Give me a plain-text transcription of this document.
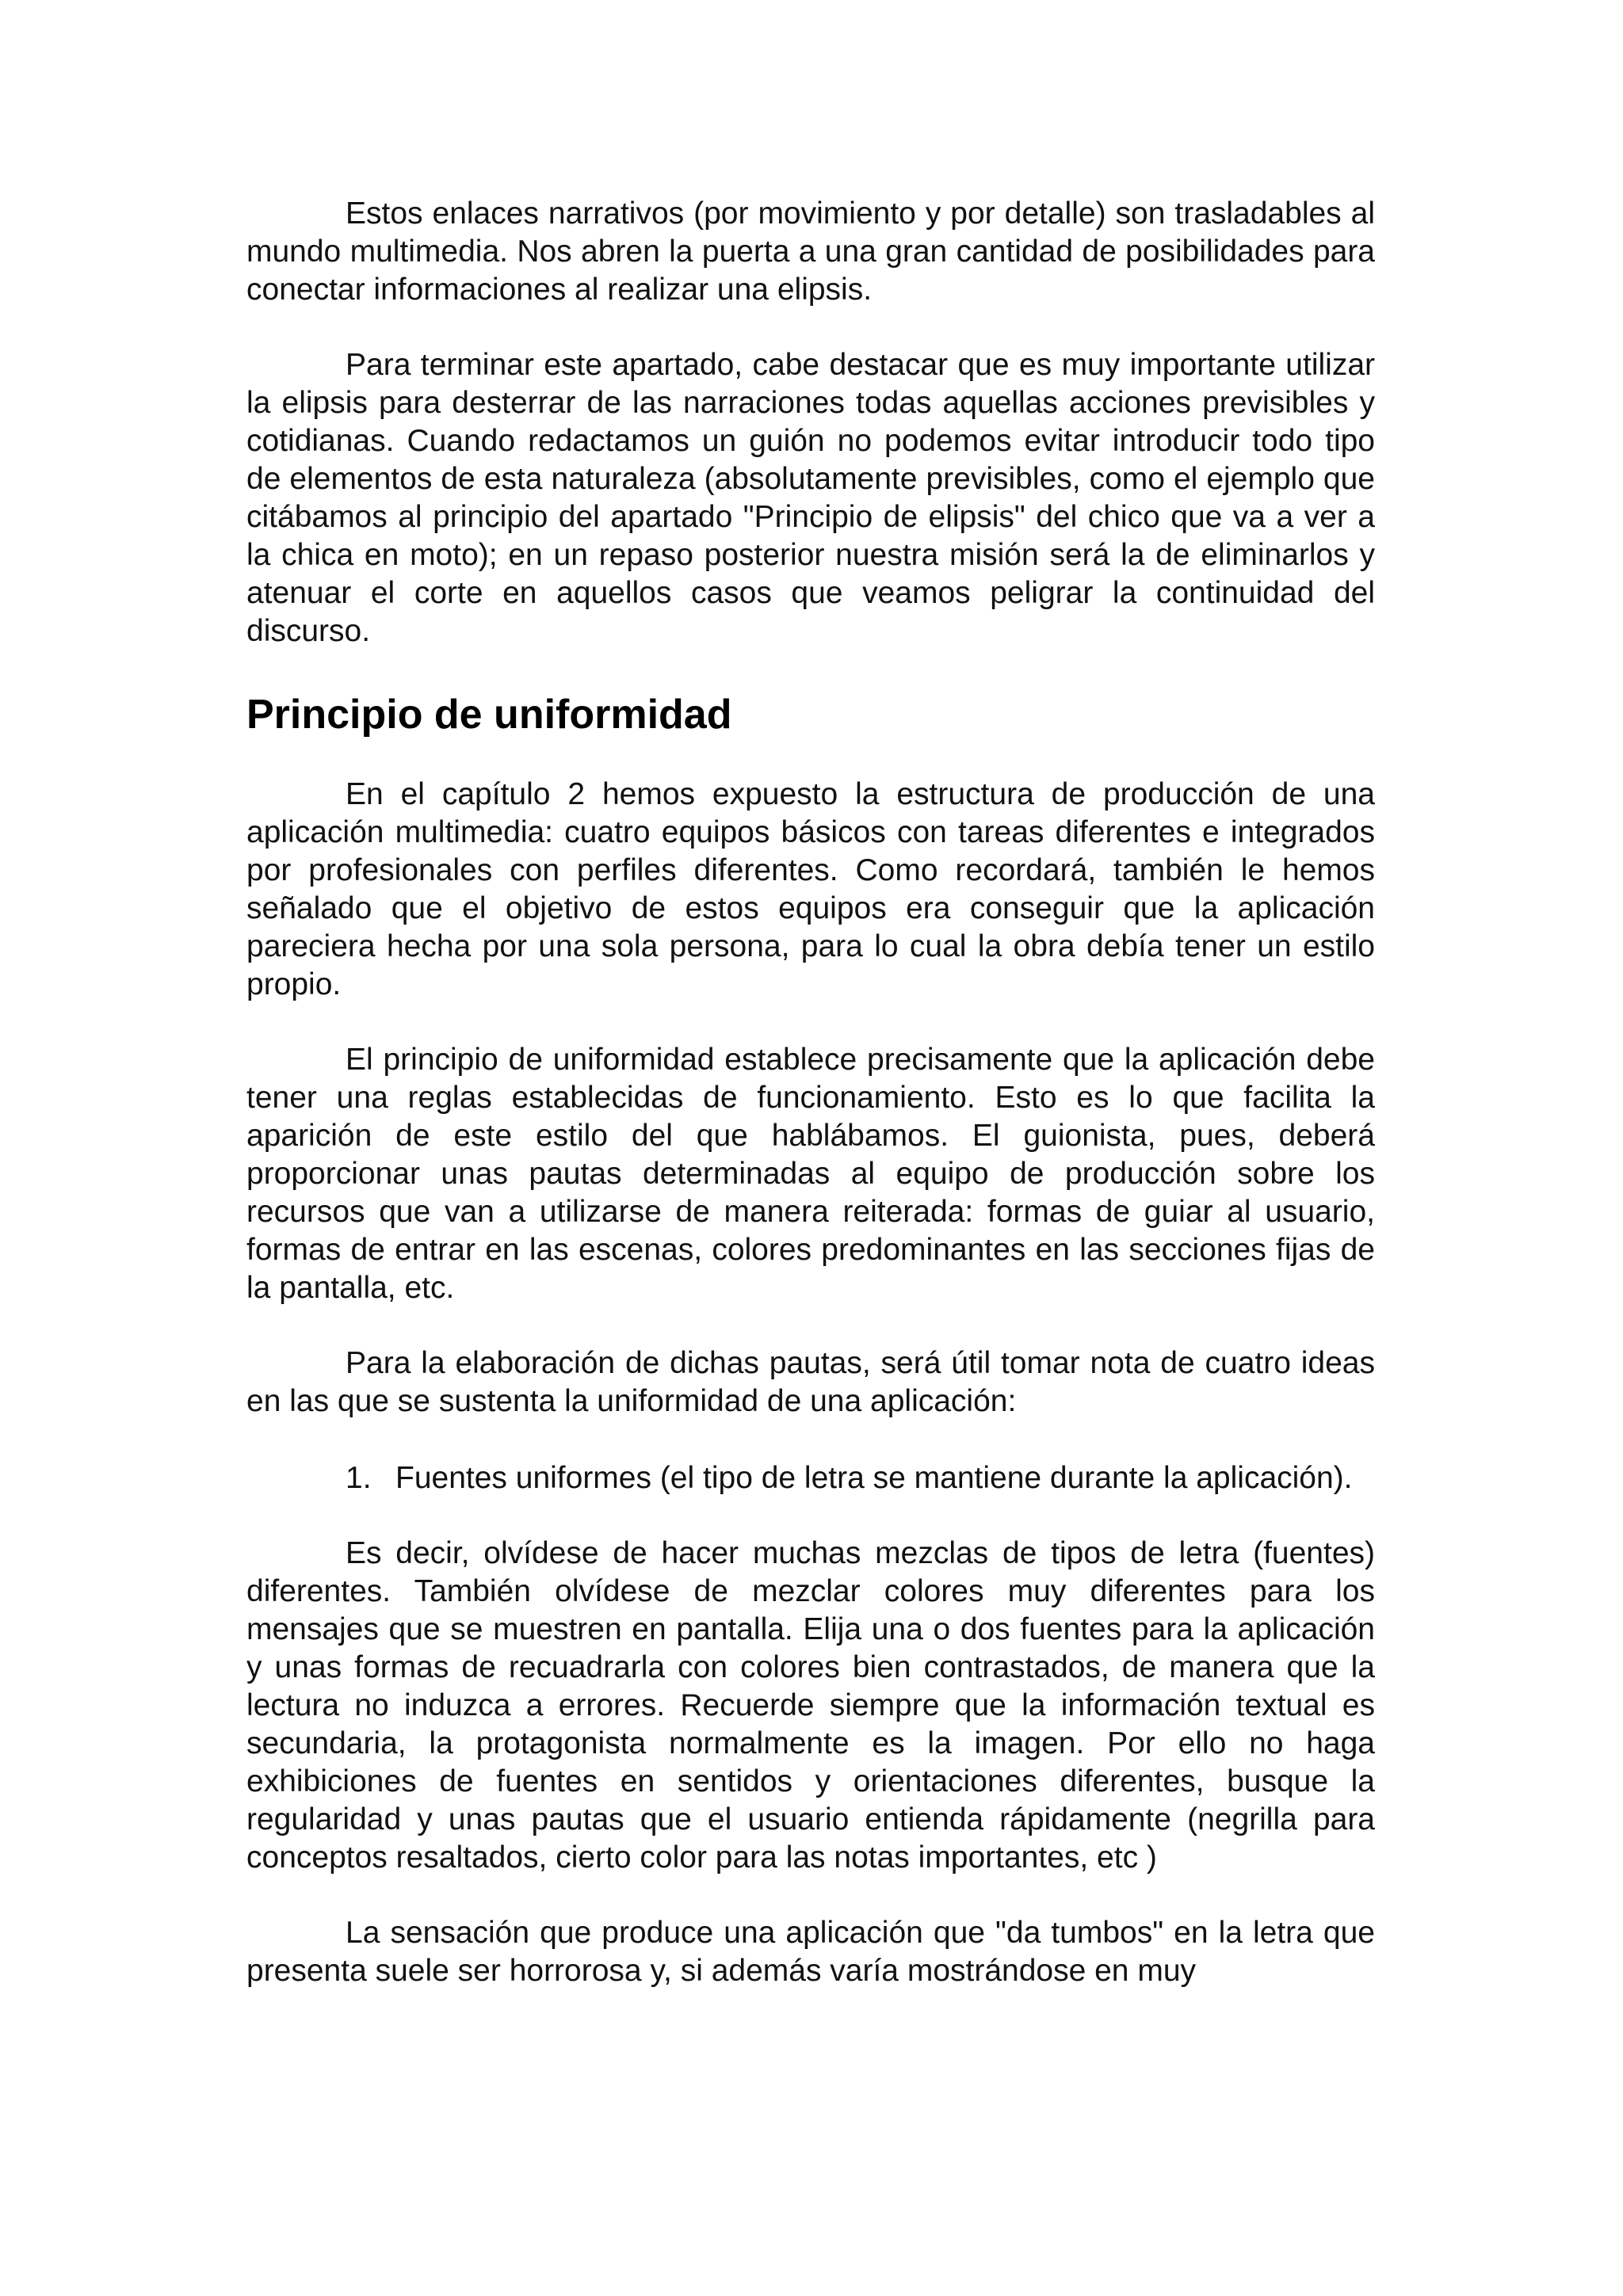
Estos enlaces narrativos (por movimiento y por detalle) son trasladables al mundo multimedia. Nos abren la puerta a una gran cantidad de posibilidades para conectar informaciones al realizar una elipsis.

Para terminar este apartado, cabe destacar que es muy importante utilizar la elipsis para desterrar de las narraciones todas aquellas acciones previsibles y cotidianas. Cuando redactamos un guión no podemos evitar introducir todo tipo de elementos de esta naturaleza (absolutamente previsibles, como el ejemplo que citábamos al principio del apartado "Principio de elipsis" del chico que va a ver a la chica en moto); en un repaso posterior nuestra misión será la de eliminarlos y atenuar el corte en aquellos casos que veamos peligrar la continuidad del discurso.

Principio de uniformidad

En el capítulo 2 hemos expuesto la estructura de producción de una aplicación multimedia: cuatro equipos básicos con tareas diferentes e integrados por profesionales con perfiles diferentes. Como recordará, también le hemos señalado que el objetivo de estos equipos era conseguir que la aplicación pareciera hecha por una sola persona, para lo cual la obra debía tener un estilo propio.

El principio de uniformidad establece precisamente que la aplicación debe tener una reglas establecidas de funcionamiento. Esto es lo que facilita la aparición de este estilo del que hablábamos. El guionista, pues, deberá proporcionar unas pautas determinadas al equipo de producción sobre los recursos que van a utilizarse de manera reiterada: formas de guiar al usuario, formas de entrar en las escenas, colores predominantes en las secciones fijas de la pantalla, etc.

Para la elaboración de dichas pautas, será útil tomar nota de cuatro ideas en las que se sustenta la uniformidad de una aplicación:

1. Fuentes uniformes (el tipo de letra se mantiene durante la aplicación).

Es decir, olvídese de hacer muchas mezclas de tipos de letra (fuentes) diferentes. También olvídese de mezclar colores muy diferentes para los mensajes que se muestren en pantalla. Elija una o dos fuentes para la aplicación y unas formas de recuadrarla con colores bien contrastados, de manera que la lectura no induzca a errores. Recuerde siempre que la información textual es secundaria, la protagonista normalmente es la imagen. Por ello no haga exhibiciones de fuentes en sentidos y orientaciones diferentes, busque la regularidad y unas pautas que el usuario entienda rápidamente (negrilla para conceptos resaltados, cierto color para las notas importantes, etc )

La sensación que produce una aplicación que "da tumbos" en la letra que presenta suele ser horrorosa y, si además varía mostrándose en muy
